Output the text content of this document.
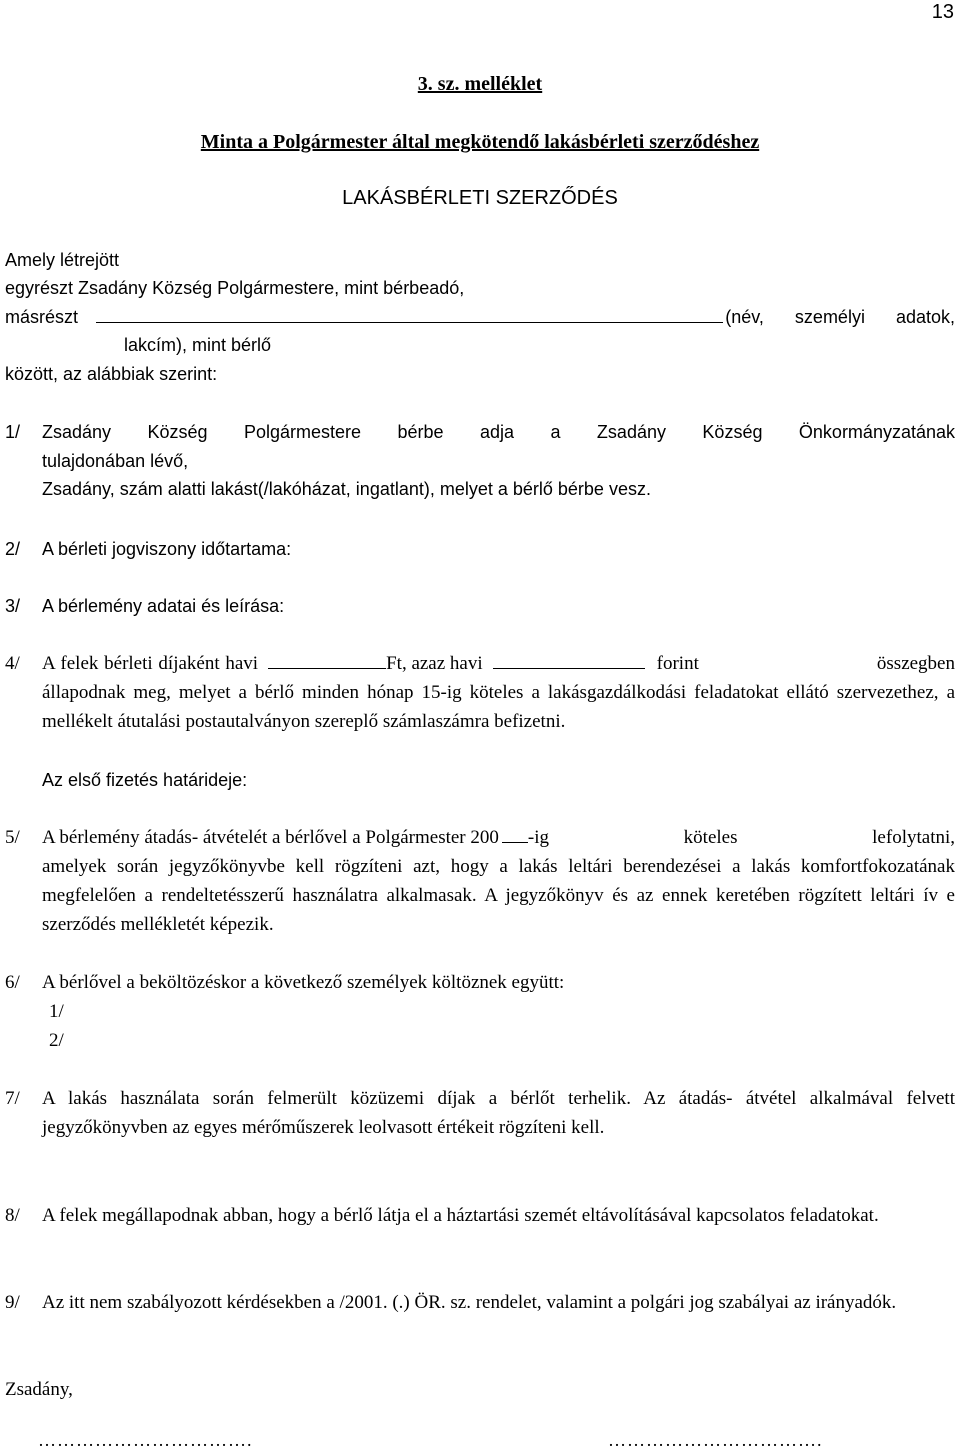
13
3. sz. melléklet
Minta a Polgármester által megkötendő lakásbérleti szerződéshez
LAKÁSBÉRLETI SZERZŐDÉS
Amely létrejött
egyrészt Zsadány Község Polgármestere, mint bérbeadó,
másrészt	(név, személyi adatok,
lakcím), mint bérlő
között, az alábbiak szerint:
1/ Zsadány Község Polgármestere bérbe adja a Zsadány Község Önkormányzatának
tulajdonában lévő,
Zsadány, szám alatti lakást(/lakóházat, ingatlant), melyet a bérlő bérbe vesz.
2/ A bérleti jogviszony időtartama:
3/ A bérlemény adatai és leírása:
4/ A felek bérleti díjaként havi	Ft, azaz havi	forint összegben
állapodnak meg, melyet a bérlő minden hónap 15-ig köteles a lakásgazdálkodási feladatokat ellátó szervezethez, a mellékelt átutalási postautalványon szereplő számlaszámra befizetni.
Az első fizetés határideje:
5/ A bérlemény átadás- átvételét a bérlővel a Polgármester 200 -ig köteles lefolytatni,
amelyek során jegyzőkönyvbe kell rögzíteni azt, hogy a lakás leltári berendezései a lakás komfortfokozatának megfelelően a rendeltetésszerű használatra alkalmasak. A jegyzőkönyv és az ennek keretében rögzített leltári ív e szerződés mellékletét képezik.
6/ A bérlővel a beköltözéskor a következő személyek költöznek együtt:
1/
2/
7/ A lakás használata során felmerült közüzemi díjak a bérlőt terhelik. Az átadás- átvétel alkalmával felvett jegyzőkönyvben az egyes mérőműszerek leolvasott értékeit rögzíteni kell.
8/ A felek megállapodnak abban, hogy a bérlő látja el a háztartási szemét eltávolításával kapcsolatos feladatokat.
9/ Az itt nem szabályozott kérdésekben a /2001. (.) ÖR. sz. rendelet, valamint a polgári jog szabályai az irányadók.
Zsadány,
…………………………….	…………………………….
